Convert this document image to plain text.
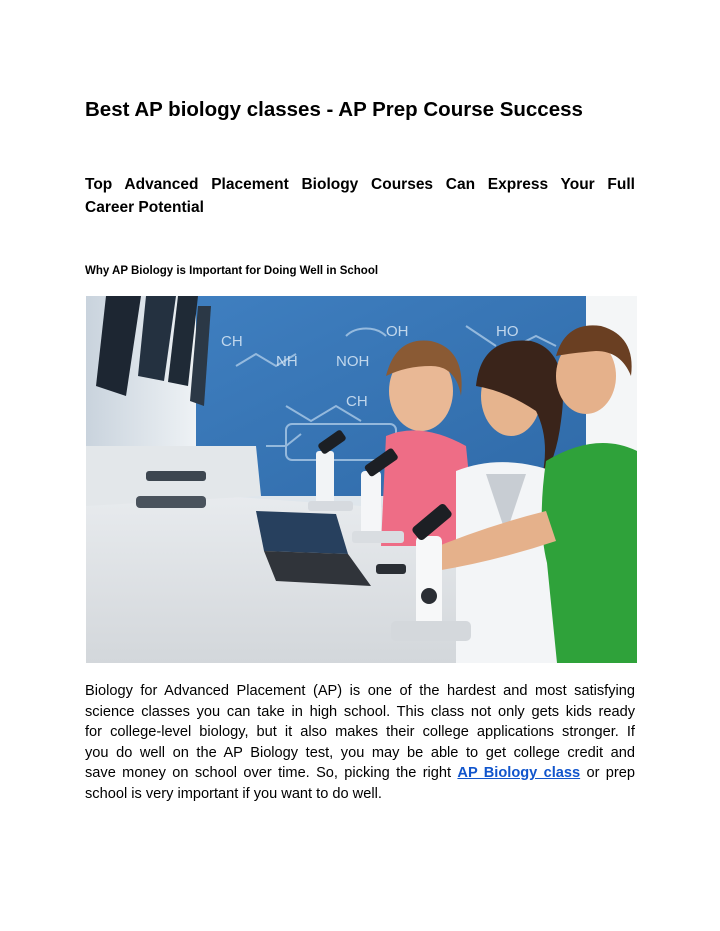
Best AP biology classes - AP Prep Course Success
Top Advanced Placement Biology Courses Can Express Your Full
Career Potential
Why AP Biology is Important for Doing Well in School
CH
NH	NOH
OH
CH
HO

Biology for Advanced Placement (AP) is one of the hardest and most satisfying
science classes you can take in high school. This class not only gets kids ready
for college-level biology, but it also makes their college applications stronger. If
you do well on the AP Biology test, you may be able to get college credit and
save money on school over time. So, picking the right AP Biology class or prep
school is very important if you want to do well.
